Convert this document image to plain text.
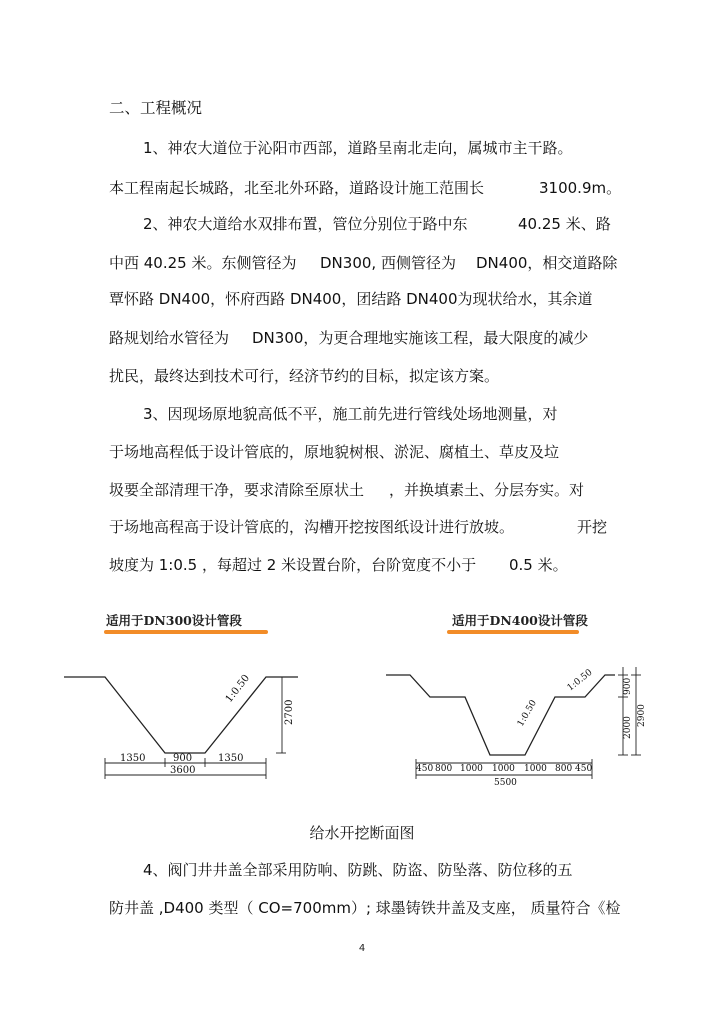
二、工程概况
1、神农大道位于沁阳市西部，道路呈南北走向，属城市主干路。
本工程南起长城路，北至北外环路，道路设计施工范围长	3100.9m。
2、神农大道给水双排布置，管位分别位于路中东	40.25 米、路
中西 40.25 米。东侧管径为 DN300, 西侧管径为 DN400，相交道路除
覃怀路 DN400，怀府西路 DN400，团结路 DN400为现状给水，其余道
路规划给水管径为 DN300，为更合理地实施该工程，最大限度的减少
扰民，最终达到技术可行，经济节约的目标，拟定该方案。
3、因现场原地貌高低不平，施工前先进行管线处场地测量，对
于场地高程低于设计管底的，原地貌树根、淤泥、腐植土、草皮及垃
圾要全部清理干净，要求清除至原状土 ，并换填素土、分层夯实。对
于场地高程高于设计管底的，沟槽开挖按图纸设计进行放坡。	开挖
坡度为 1:0.5 ，每超过 2 米设置台阶，台阶宽度不小于 0.5 米。
适用于DN300设计管段	适用于DN400设计管段
1:0.50
2700
1350	900	1350
3600
1:0.50
1:0.50	900
2000
2900
450 800 1000 1000 1000 800 450
5500
给水开挖断面图
4、阀门井井盖全部采用防响、防跳、防盗、防坠落、防位移的五
防井盖 ,D400 类型（ CO=700mm）; 球墨铸铁井盖及支座， 质量符合《检
4
